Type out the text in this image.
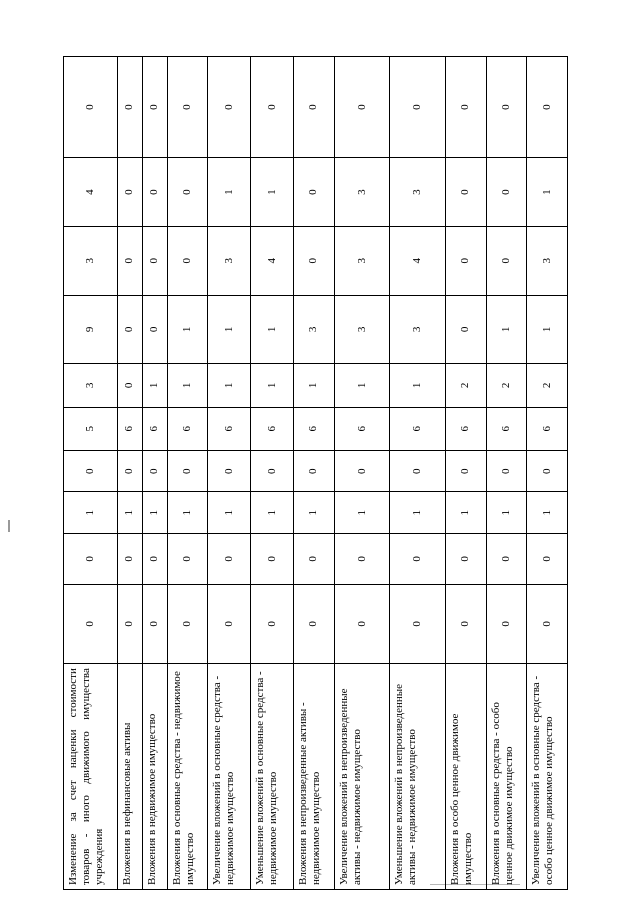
Изменение за счет наценки стоимости товаров - иного движимого имущества учреждения	0	0	1	0	5	3	9	3	4	0
Вложения в нефинансовые активы	0	0	1	0	6	0	0	0	0	0
Вложения в недвижимое имущество	0	0	1	0	6	1	0	0	0	0
Вложения в основные средства - недвижимое имущество	0	0	1	0	6	1	1	0	0	0
Увеличение вложений в основные средства - недвижимое имущество	0	0	1	0	6	1	1	3	1	0
Уменьшение вложений в основные средства - недвижимое имущество	0	0	1	0	6	1	1	4	1	0
Вложения в непроизведенные активы - недвижимое имущество	0	0	1	0	6	1	3	0	0	0
Увеличение вложений в непроизведенные активы - недвижимое имущество	0	0	1	0	6	1	3	3	3	0
Уменьшение вложений в непроизведенные активы - недвижимое имущество	0	0	1	0	6	1	3	4	3	0
Вложения в особо ценное движимое имущество	0	0	1	0	6	2	0	0	0	0
Вложения в основные средства - особо ценное движимое имущество	0	0	1	0	6	2	1	0	0	0
Увеличение вложений в основные средства - особо ценное движимое имущество	0	0	1	0	6	2	1	3	1	0
